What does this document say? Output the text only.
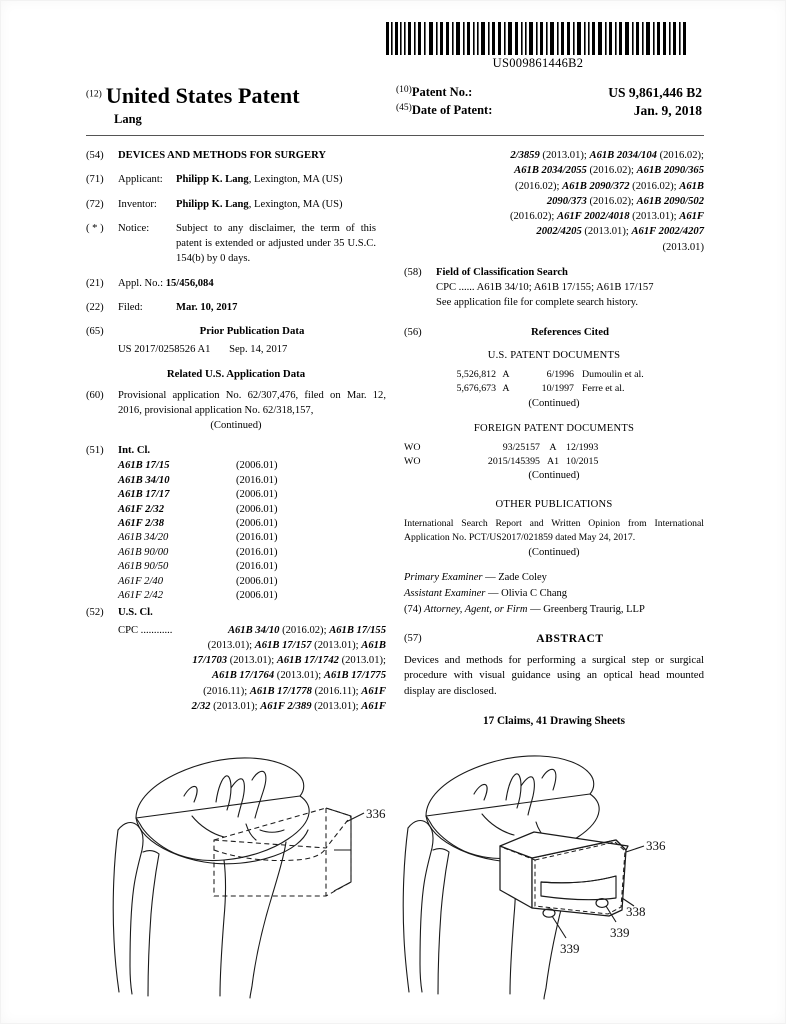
US009861446B2
$^{(12)}$ United States Patent
Lang
(10) Patent No.:	US 9,861,446 B2
(45) Date of Patent:	Jan. 9, 2018
(54)	DEVICES AND METHODS FOR SURGERY
(71)	Applicant: Philipp K. Lang, Lexington, MA (US)
(72)	Inventor: Philipp K. Lang, Lexington, MA (US)
( * )	Notice:	Subject to any disclaimer, the term of this patent is extended or adjusted under 35 U.S.C. 154(b) by 0 days.
(21)	Appl. No.: 15/456,084
(22)	Filed:	Mar. 10, 2017
(65)	Prior Publication Data
US 2017/0258526 A1 Sep. 14, 2017
Related U.S. Application Data
(60)	Provisional application No. 62/307,476, filed on Mar. 12, 2016, provisional application No. 62/318,157,
(Continued)
(51)	Int. Cl.
A61B 17/15	(2006.01)
A61B 34/10	(2016.01)
A61B 17/17	(2006.01)
A61F 2/32	(2006.01)
A61F 2/38	(2006.01)
A61B 34/20	(2016.01)
A61B 90/00	(2016.01)
A61B 90/50	(2016.01)
A61F 2/40	(2006.01)
A61F 2/42	(2006.01)
(52)	U.S. Cl.
CPC ............	A61B 34/10 (2016.02); A61B 17/155
(2013.01); A61B 17/157 (2013.01); A61B
17/1703 (2013.01); A61B 17/1742 (2013.01);
A61B 17/1764 (2013.01); A61B 17/1775
(2016.11); A61B 17/1778 (2016.11); A61F
2/32 (2013.01); A61F 2/389 (2013.01); A61F
2/3859 (2013.01); A61B 2034/104 (2016.02);
A61B 2034/2055 (2016.02); A61B 2090/365
(2016.02); A61B 2090/372 (2016.02); A61B
2090/373 (2016.02); A61B 2090/502
(2016.02); A61F 2002/4018 (2013.01); A61F
2002/4205 (2013.01); A61F 2002/4207
(2013.01)
(58)	Field of Classification Search
CPC ...... A61B 34/10; A61B 17/155; A61B 17/157
See application file for complete search history.
(56)	References Cited
U.S. PATENT DOCUMENTS
5,526,812 A	6/1996 Dumoulin et al.
5,676,673 A	10/1997 Ferre et al.
(Continued)
FOREIGN PATENT DOCUMENTS
WO	93/25157 A 12/1993
WO	2015/145395 A1 10/2015
(Continued)
OTHER PUBLICATIONS
International Search Report and Written Opinion from International Application No. PCT/US2017/021859 dated May 24, 2017.
(Continued)
Primary Examiner — Zade Coley
Assistant Examiner — Olivia C Chang
(74) Attorney, Agent, or Firm — Greenberg Traurig, LLP
(57)	ABSTRACT
Devices and methods for performing a surgical step or surgical procedure with visual guidance using an optical head mounted display are disclosed.
17 Claims, 41 Drawing Sheets
336
336
338
339
339
